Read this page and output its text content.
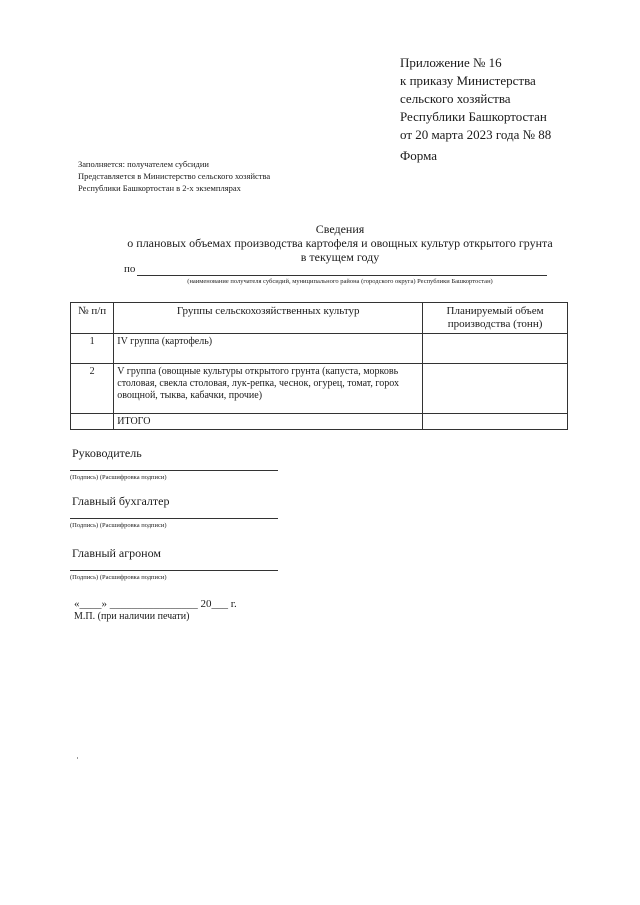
Приложение № 16
к приказу Министерства
сельского хозяйства
Республики Башкортостан
от 20 марта 2023 года № 88
Форма
Заполняется: получателем субсидии
Представляется в Министерство сельского хозяйства
Республики Башкортостан в 2-х экземплярах
Сведения
о плановых объемах производства картофеля и овощных культур открытого грунта
в текущем году
по
(наименование получателя субсидий, муниципального района (городского округа) Республики Башкортостан)
№ п/п	Группы сельскохозяйственных культур	Планируемый объем производства (тонн)
1	IV группа (картофель)	
2	V группа (овощные культуры открытого грунта (капуста, морковь столовая, свекла столовая, лук-репка, чеснок, огурец, томат, горох овощной, тыква, кабачки, прочие)	
	ИТОГО	
Руководитель
(Подпись) (Расшифровка подписи)
Главный бухгалтер
(Подпись) (Расшифровка подписи)
Главный агроном
(Подпись) (Расшифровка подписи)
«____» ________________ 20___ г.
М.П. (при наличии печати)
